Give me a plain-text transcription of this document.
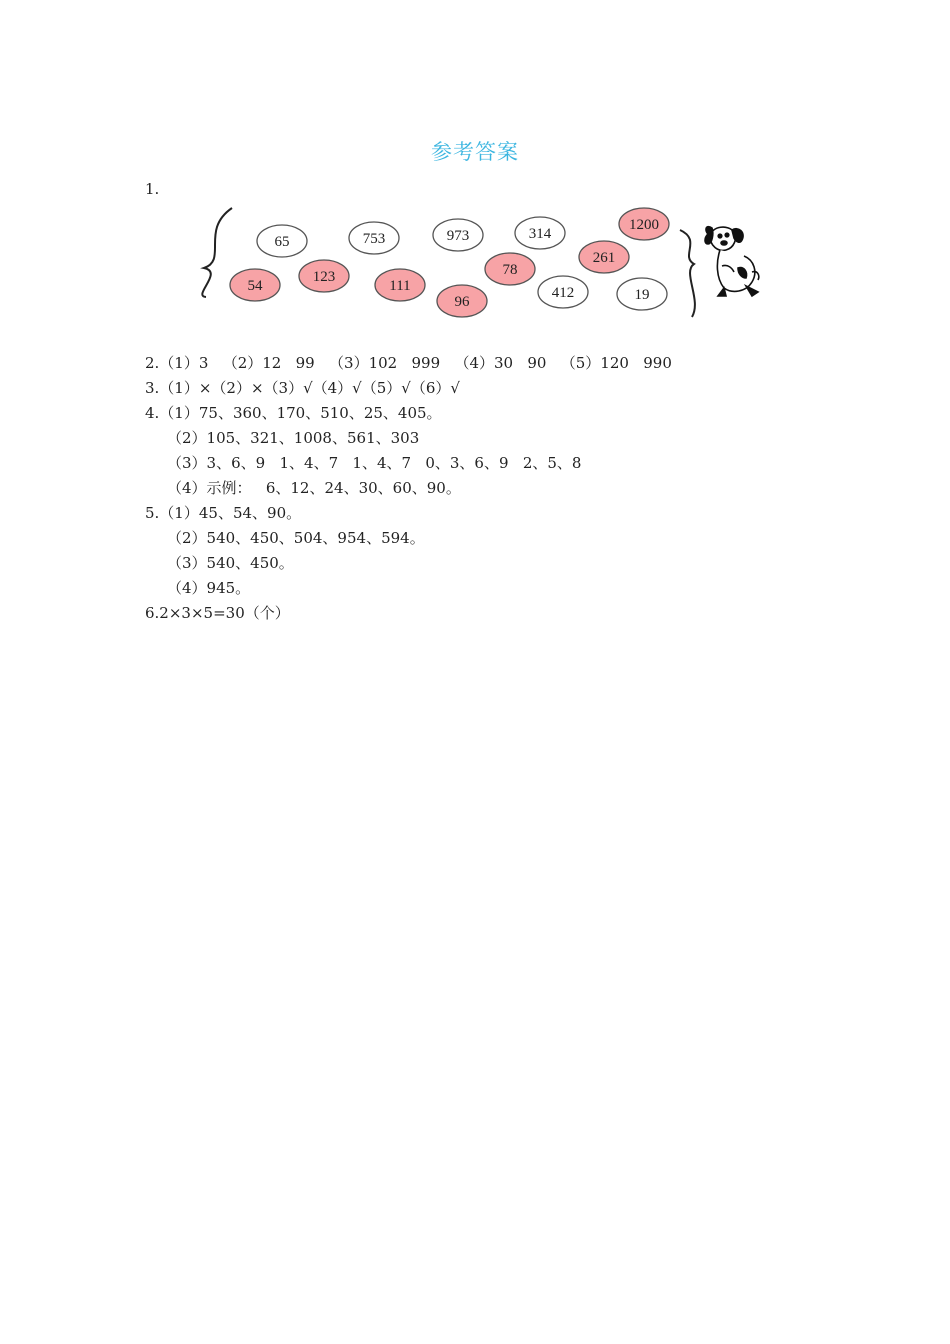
参考答案
1.
65	753	973	314
1200
54
123
111
96
78
261
412	19
2.（1）3   （2）12   99   （3）102   999   （4）30   90   （5）120   990
3.（1）×（2）×（3）√（4）√（5）√（6）√
4.（1）75、360、170、510、25、405。
（2）105、321、1008、561、303
（3）3、6、9   1、4、7   1、4、7   0、3、6、9   2、5、8
（4）示例：   6、12、24、30、60、90。
5.（1）45、54、90。
（2）540、450、504、954、594。
（3）540、450。
（4）945。
6.2×3×5=30（个）
